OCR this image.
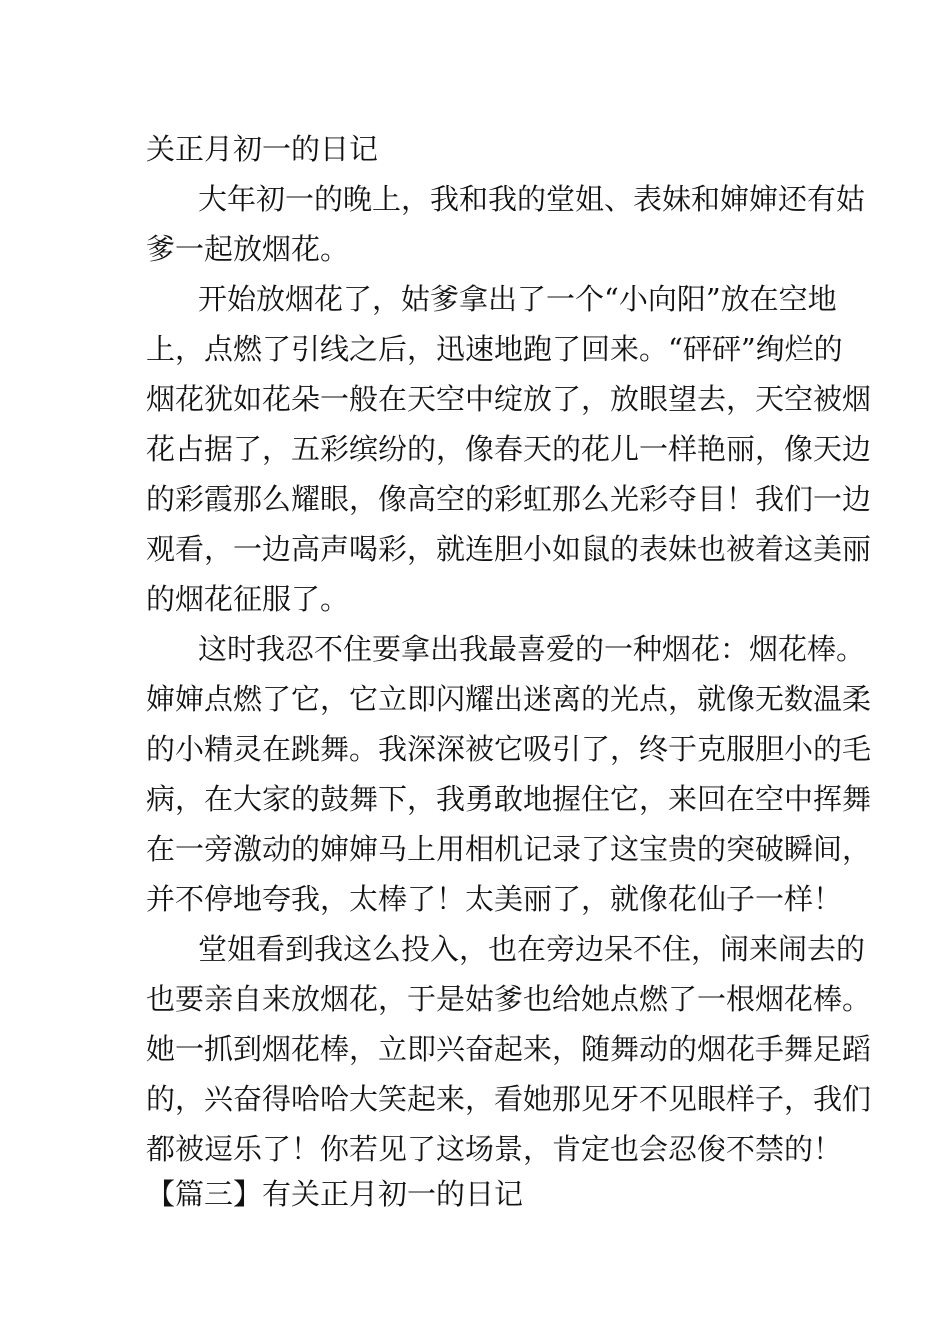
关正月初一的日记
大年初一的晚上，我和我的堂姐、表妹和婶婶还有姑
爹一起放烟花。
开始放烟花了，姑爹拿出了一个“小向阳”放在空地
上，点燃了引线之后，迅速地跑了回来。“砰砰”绚烂的
烟花犹如花朵一般在天空中绽放了，放眼望去，天空被烟
花占据了，五彩缤纷的，像春天的花儿一样艳丽，像天边
的彩霞那么耀眼，像高空的彩虹那么光彩夺目！我们一边
观看，一边高声喝彩，就连胆小如鼠的表妹也被着这美丽
的烟花征服了。
这时我忍不住要拿出我最喜爱的一种烟花：烟花棒。
婶婶点燃了它，它立即闪耀出迷离的光点，就像无数温柔
的小精灵在跳舞。我深深被它吸引了，终于克服胆小的毛
病，在大家的鼓舞下，我勇敢地握住它，来回在空中挥舞
在一旁激动的婶婶马上用相机记录了这宝贵的突破瞬间，
并不停地夸我，太棒了！太美丽了，就像花仙子一样！
堂姐看到我这么投入，也在旁边呆不住，闹来闹去的
也要亲自来放烟花，于是姑爹也给她点燃了一根烟花棒。
她一抓到烟花棒，立即兴奋起来，随舞动的烟花手舞足蹈
的，兴奋得哈哈大笑起来，看她那见牙不见眼样子，我们
都被逗乐了！你若见了这场景，肯定也会忍俊不禁的！
【篇三】有关正月初一的日记
